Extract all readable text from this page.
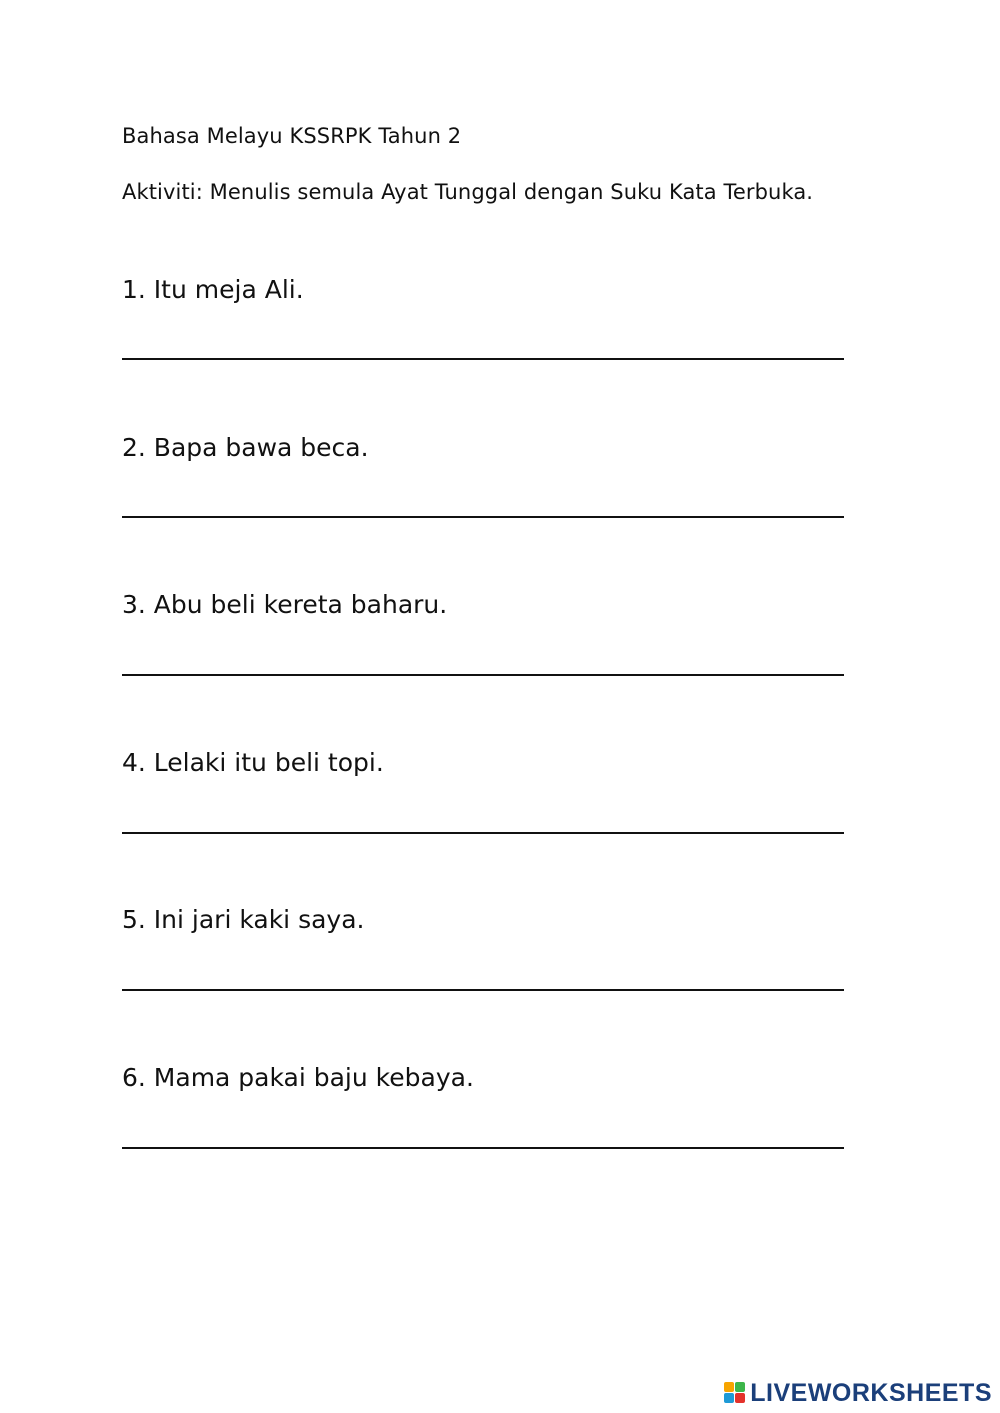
Bahasa Melayu KSSRPK Tahun 2
Aktiviti: Menulis semula Ayat Tunggal dengan Suku Kata Terbuka.
1. Itu meja Ali.
2. Bapa bawa beca.
3. Abu beli kereta baharu.
4. Lelaki itu beli topi.
5. Ini jari kaki saya.
6. Mama pakai baju kebaya.
LIVEWORKSHEETS
